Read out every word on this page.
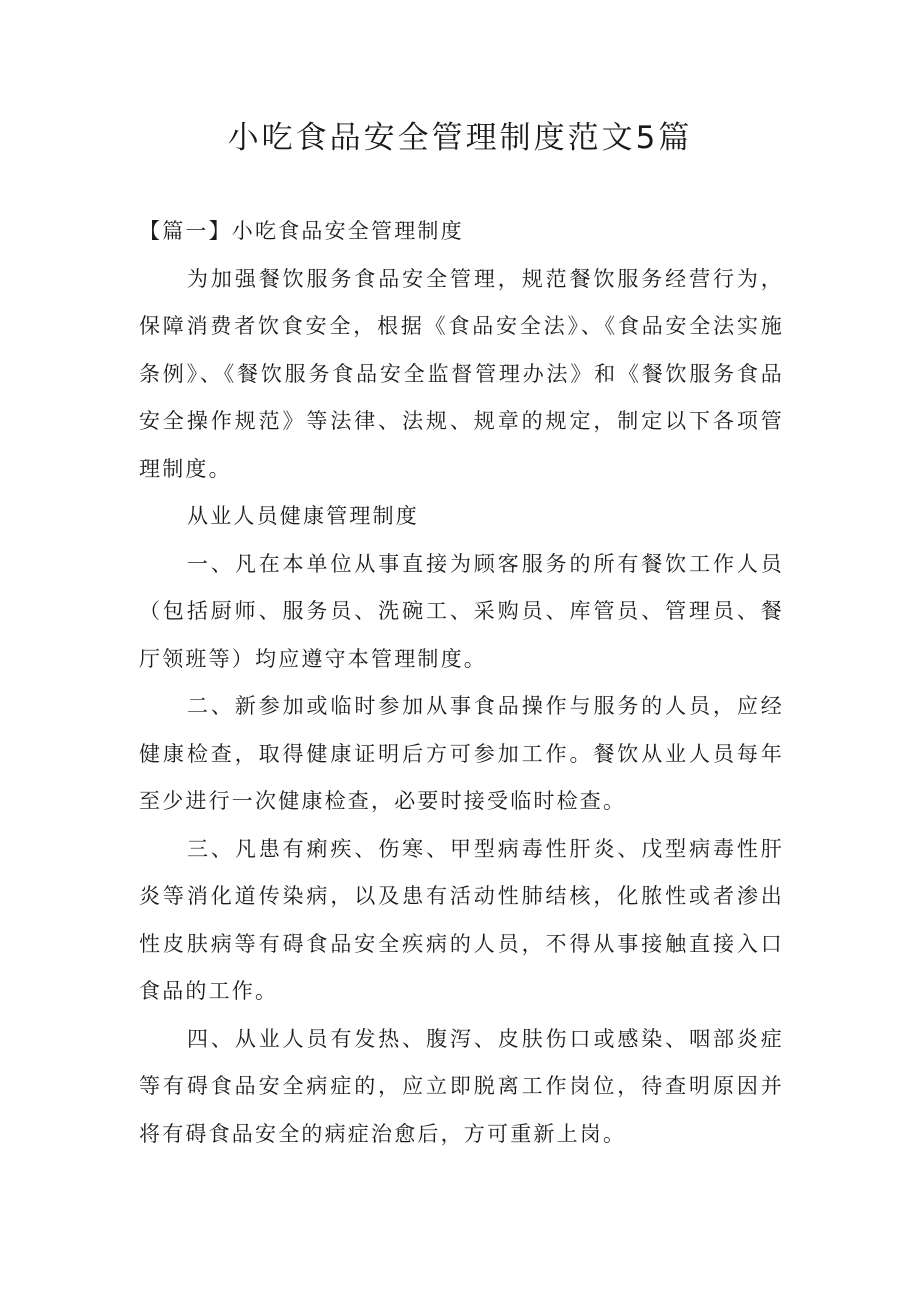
小吃食品安全管理制度范文5篇

【篇一】小吃食品安全管理制度

为加强餐饮服务食品安全管理，规范餐饮服务经营行为，保障消费者饮食安全，根据《食品安全法》、《食品安全法实施条例》、《餐饮服务食品安全监督管理办法》和《餐饮服务食品安全操作规范》等法律、法规、规章的规定，制定以下各项管理制度。

从业人员健康管理制度

一、凡在本单位从事直接为顾客服务的所有餐饮工作人员（包括厨师、服务员、洗碗工、采购员、库管员、管理员、餐厅领班等）均应遵守本管理制度。

二、新参加或临时参加从事食品操作与服务的人员，应经健康检查，取得健康证明后方可参加工作。餐饮从业人员每年至少进行一次健康检查，必要时接受临时检查。

三、凡患有痢疾、伤寒、甲型病毒性肝炎、戊型病毒性肝炎等消化道传染病，以及患有活动性肺结核，化脓性或者渗出性皮肤病等有碍食品安全疾病的人员，不得从事接触直接入口食品的工作。

四、从业人员有发热、腹泻、皮肤伤口或感染、咽部炎症等有碍食品安全病症的，应立即脱离工作岗位，待查明原因并将有碍食品安全的病症治愈后，方可重新上岗。
